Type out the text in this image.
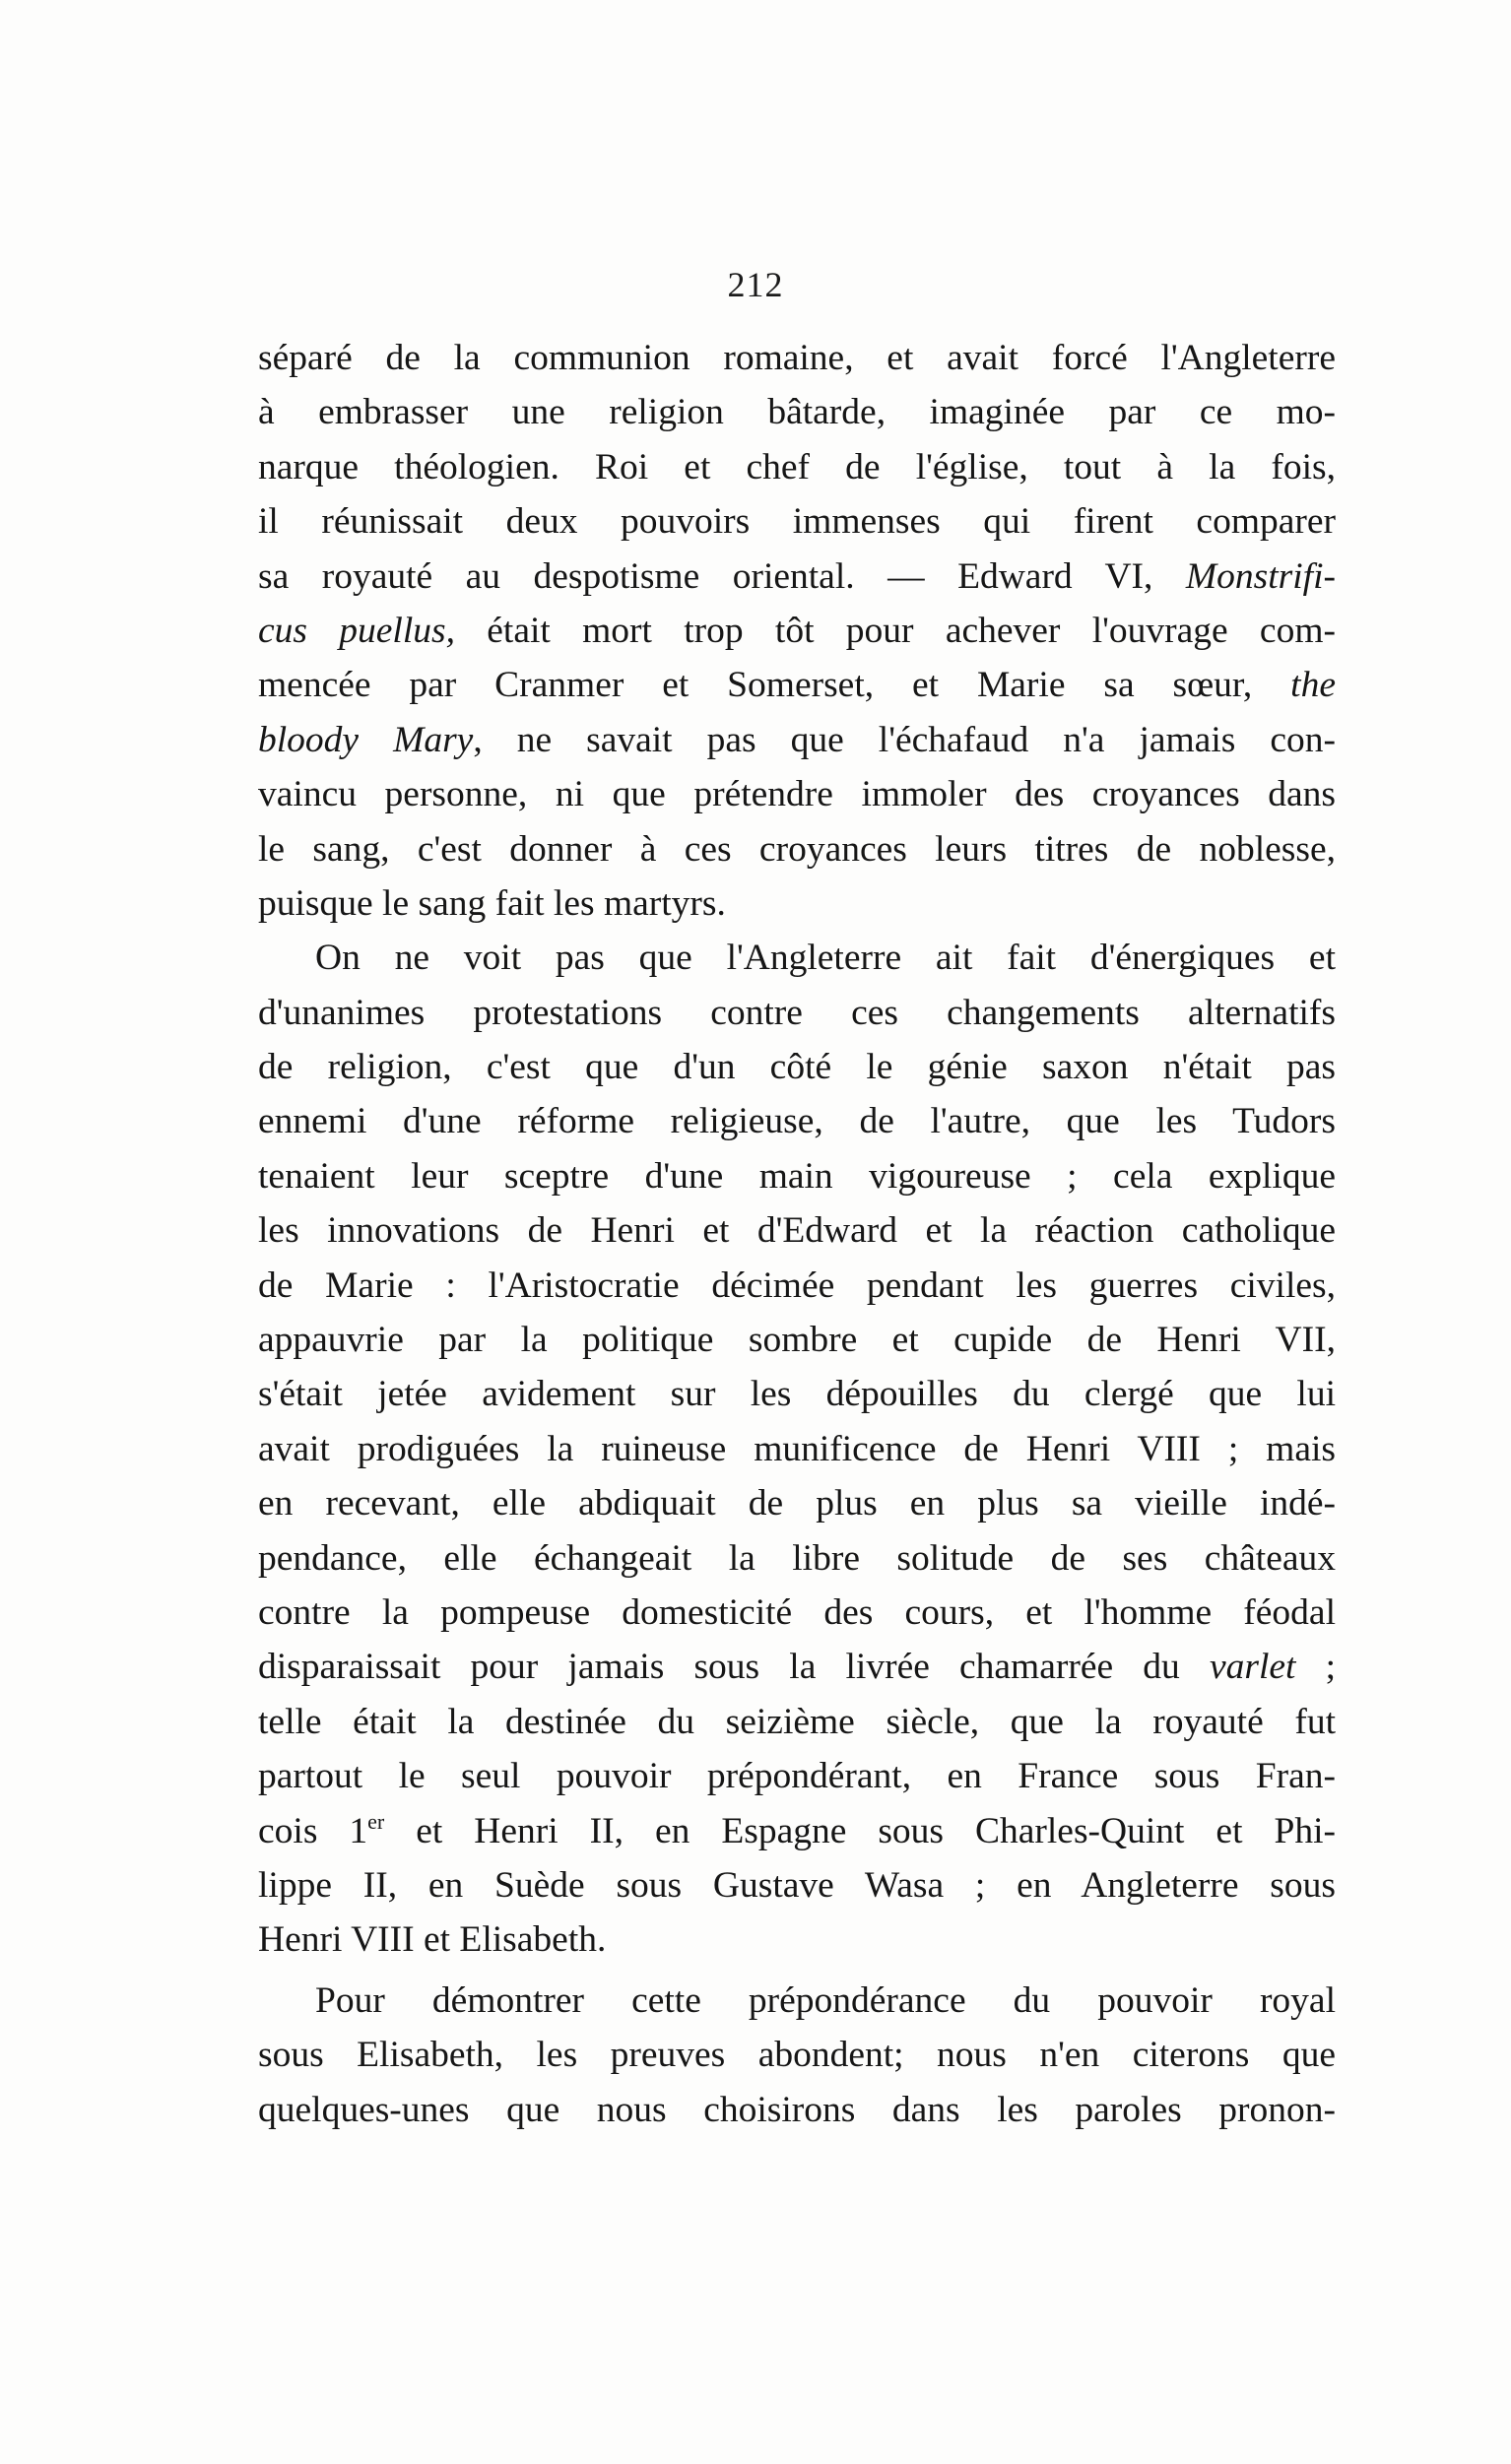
212
séparé de la communion romaine, et avait forcé l'Angleterre
à embrasser une religion bâtarde, imaginée par ce mo-
narque théologien. Roi et chef de l'église, tout à la fois,
il réunissait deux pouvoirs immenses qui firent comparer
sa royauté au despotisme oriental. — Edward VI, Monstrifi-
cus puellus, était mort trop tôt pour achever l'ouvrage com-
mencée par Cranmer et Somerset, et Marie sa sœur, the
bloody Mary, ne savait pas que l'échafaud n'a jamais con-
vaincu personne, ni que prétendre immoler des croyances dans
le sang, c'est donner à ces croyances leurs titres de noblesse,
puisque le sang fait les martyrs.
On ne voit pas que l'Angleterre ait fait d'énergiques et
d'unanimes protestations contre ces changements alternatifs
de religion, c'est que d'un côté le génie saxon n'était pas
ennemi d'une réforme religieuse, de l'autre, que les Tudors
tenaient leur sceptre d'une main vigoureuse ; cela explique
les innovations de Henri et d'Edward et la réaction catholique
de Marie : l'Aristocratie décimée pendant les guerres civiles,
appauvrie par la politique sombre et cupide de Henri VII,
s'était jetée avidement sur les dépouilles du clergé que lui
avait prodiguées la ruineuse munificence de Henri VIII ; mais
en recevant, elle abdiquait de plus en plus sa vieille indé-
pendance, elle échangeait la libre solitude de ses châteaux
contre la pompeuse domesticité des cours, et l'homme féodal
disparaissait pour jamais sous la livrée chamarrée du varlet ;
telle était la destinée du seizième siècle, que la royauté fut
partout le seul pouvoir prépondérant, en France sous Fran-
cois 1er et Henri II, en Espagne sous Charles-Quint et Phi-
lippe II, en Suède sous Gustave Wasa ; en Angleterre sous
Henri VIII et Elisabeth.
Pour démontrer cette prépondérance du pouvoir royal
sous Elisabeth, les preuves abondent; nous n'en citerons que
quelques-unes que nous choisirons dans les paroles pronon-
